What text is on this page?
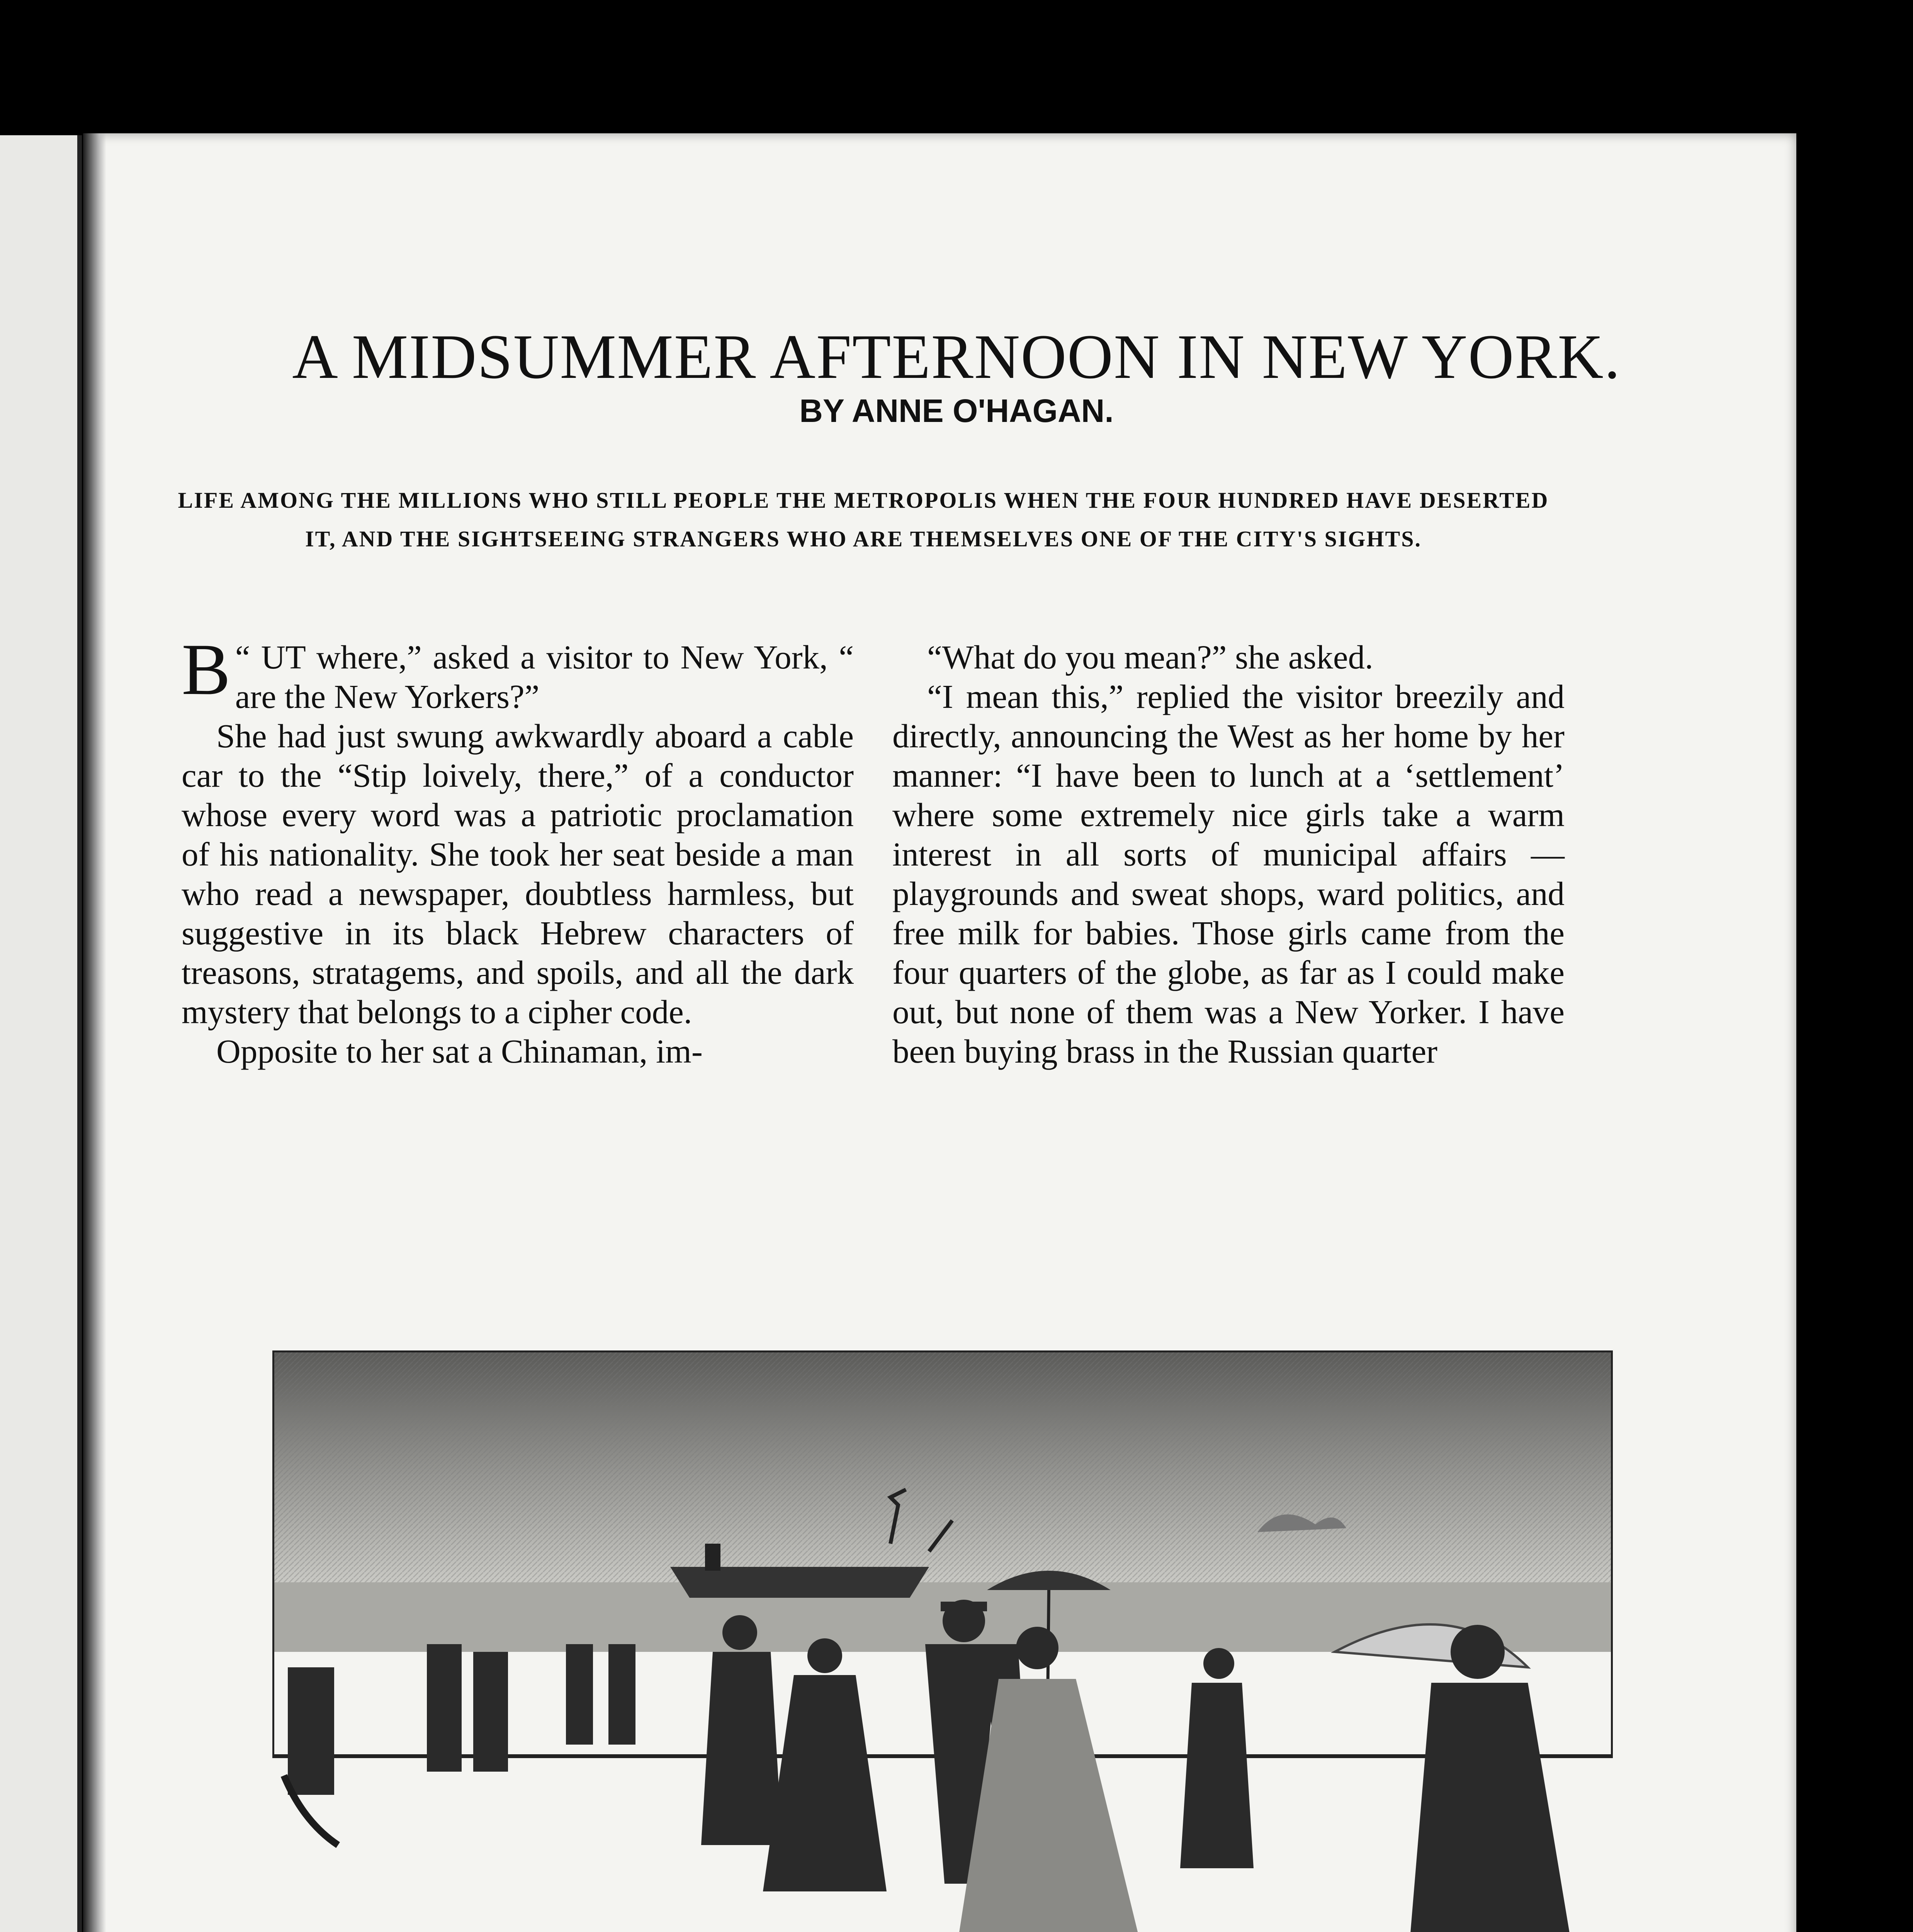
A MIDSUMMER AFTERNOON IN NEW YORK.
BY ANNE O'HAGAN.
LIFE AMONG THE MILLIONS WHO STILL PEOPLE THE METROPOLIS WHEN THE FOUR HUNDRED HAVE DESERTED IT, AND THE SIGHTSEEING STRANGERS WHO ARE THEMSELVES ONE OF THE CITY'S SIGHTS.

“
B UT where,” asked a visitor to New York, “ are the New Yorkers?”

She had just swung awkwardly aboard a cable car to the “Stip loively, there,” of a conductor whose every word was a patriotic proclamation of his nationality. She took her seat beside a man who read a newspaper, doubtless harmless, but suggestive in its black Hebrew characters of treasons, stratagems, and spoils, and all the dark mystery that belongs to a cipher code.

Opposite to her sat a Chinaman, im-

“What do you mean?” she asked.

“I mean this,” replied the visitor breezily and directly, announcing the West as her home by her manner: “I have been to lunch at a ‘settlement’ where some extremely nice girls take a warm interest in all sorts of municipal affairs —playgrounds and sweat shops, ward politics, and free milk for babies. Those girls came from the four quarters of the globe, as far as I could make out, but none of them was a New Yorker. I have been buying brass in the Russian quarter
